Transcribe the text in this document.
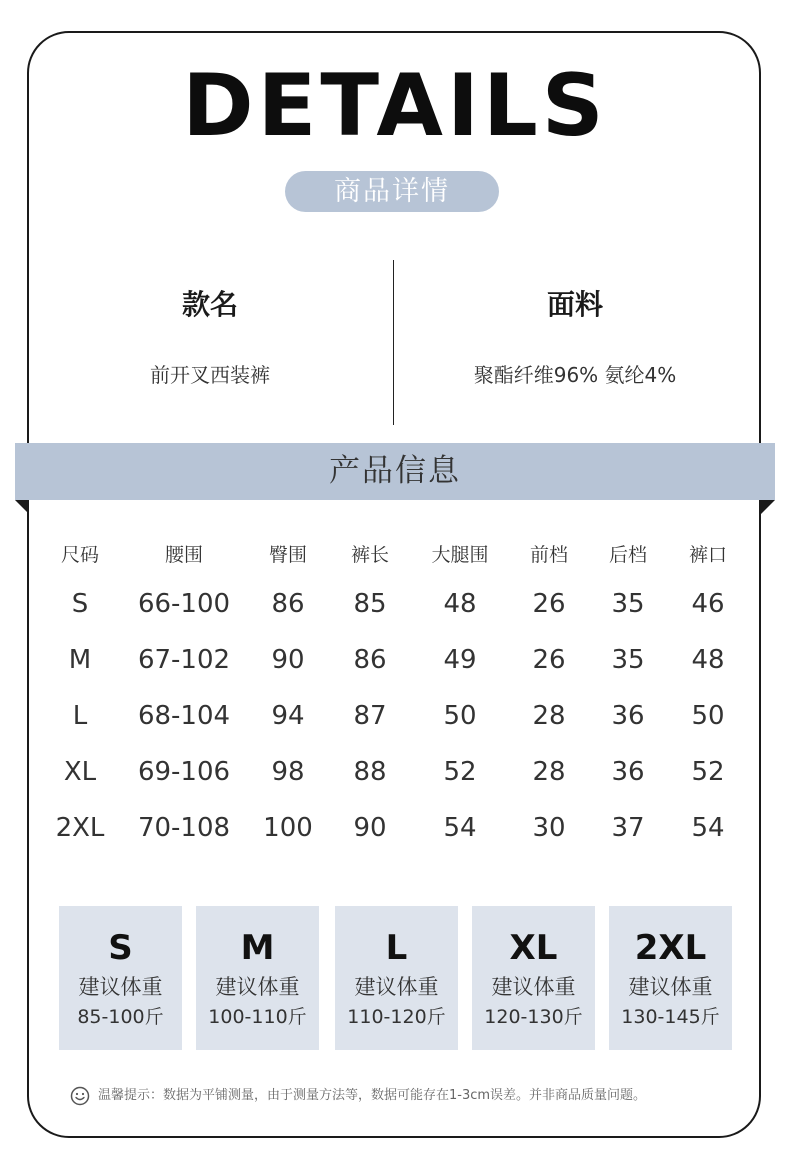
DETAILS
商品详情
款名
前开叉西装裤
面料
聚酯纤维96% 氨纶4%
产品信息
尺码	腰围	臀围	裤长	大腿围	前档	后档	裤口
S	66-100	86	85	48	26	35	46
M	67-102	90	86	49	26	35	48
L	68-104	94	87	50	28	36	50
XL	69-106	98	88	52	28	36	52
2XL	70-108	100	90	54	30	37	54
S
建议体重
85-100斤
M
建议体重
100-110斤
L
建议体重
110-120斤
XL
建议体重
120-130斤
2XL
建议体重
130-145斤
温馨提示：数据为平铺测量，由于测量方法等，数据可能存在1-3cm误差。并非商品质量问题。
